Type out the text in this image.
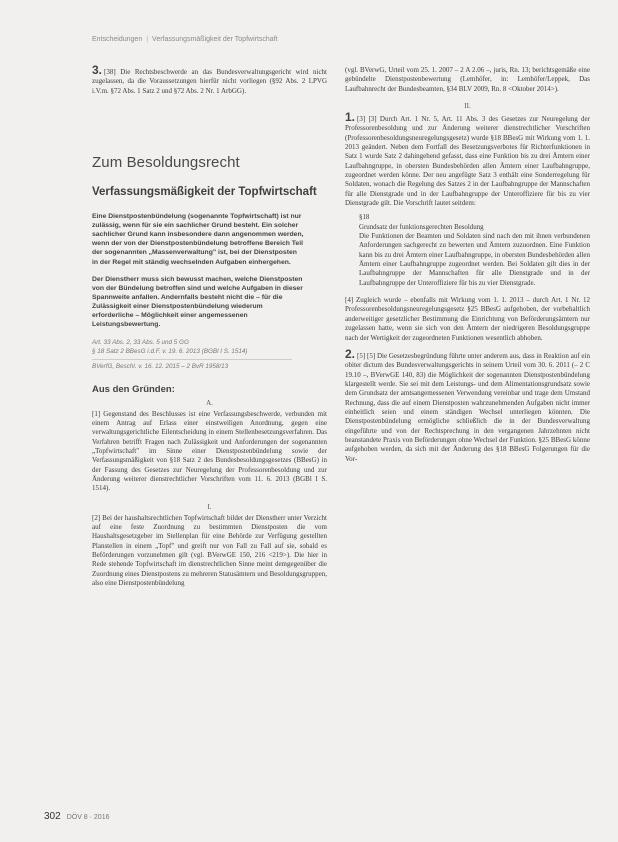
Entscheidungen | Verfassungsmäßigkeit der Topfwirtschaft

3. [38] Die Rechtsbeschwerde an das Bundesverwaltungsgericht wird nicht zugelassen, da die Voraussetzungen hierfür nicht vorliegen (§92 Abs. 2 LPVG i.V.m. §72 Abs. 1 Satz 2 und §72 Abs. 2 Nr. 1 ArbGG).

Zum Besoldungsrecht
Verfassungsmäßigkeit der Topfwirtschaft

Eine Dienstpostenbündelung (sogenannte Topfwirtschaft) ist nur zulässig, wenn für sie ein sachlicher Grund besteht. Ein solcher sachlicher Grund kann insbesondere dann angenommen werden, wenn der von der Dienstpostenbündelung betroffene Bereich Teil der sogenannten „Massenverwaltung" ist, bei der Dienstposten in der Regel mit ständig wechselnden Aufgaben einhergehen.

Der Dienstherr muss sich bewusst machen, welche Dienstposten von der Bündelung betroffen sind und welche Aufgaben in dieser Spannweite anfallen. Andernfalls besteht nicht die – für die Zulässigkeit einer Dienstpostenbündelung wiederum erforderliche – Möglichkeit einer angemessenen Leistungsbewertung.

Art. 33 Abs. 2, 33 Abs. 5 und 5 GG
§ 18 Satz 2 BBesG i.d.F. v. 19. 6. 2013 (BGBl I S. 1514)
BVerfG, Beschl. v. 16. 12. 2015 – 2 BvR 1958/13
Aus den Gründen:
A.

[1] Gegenstand des Beschlusses ist eine Verfassungsbeschwerde, verbunden mit einem Antrag auf Erlass einer einstweiligen Anordnung, gegen eine verwaltungsgerichtliche Eilentscheidung in einem Stellenbesetzungsverfahren. Das Verfahren betrifft Fragen nach Zulässigkeit und Anforderungen der sogenannten „Topfwirtschaft" im Sinne einer Dienstpostenbündelung sowie der Verfassungsmäßigkeit von §18 Satz 2 des Bundesbesoldungsgesetzes (BBesG) in der Fassung des Gesetzes zur Neuregelung der Professorenbesoldung und zur Änderung weiterer dienstrechtlicher Vorschriften vom 11. 6. 2013 (BGBl I S. 1514).

I.

[2] Bei der haushaltsrechtlichen Topfwirtschaft bildet der Dienstherr unter Verzicht auf eine feste Zuordnung zu bestimmten Dienstposten die vom Haushaltsgesetzgeber im Stellenplan für eine Behörde zur Verfügung gestellten Planstellen in einem „Topf" und greift nur von Fall zu Fall auf sie, sobald es Beförderungen vorzunehmen gilt (vgl. BVerwGE 150, 216 <219>). Die hier in Rede stehende Topfwirtschaft im dienstrechtlichen Sinne meint demgegenüber die Zuordnung eines Dienstpostens zu mehreren Statusämtern und Besoldungsgruppen, also eine Dienstpostenbündelung

(vgl. BVerwG, Urteil vom 25. 1. 2007 – 2 A 2.06 –, juris, Rn. 13; berichtsgemäße eine gebündelte Dienstpostenbewertung (Lemhöfer, in: Lemhöfer/Leppek, Das Laufbahnrecht der Bundesbeamten, §34 BLV 2009, Rn. 8 <Oktober 2014>).

II.

1. [3] [3] Durch Art. 1 Nr. 5, Art. 11 Abs. 3 des Gesetzes zur Neuregelung der Professorenbesoldung und zur Änderung weiterer dienstrechtlicher Vorschriften (Professorenbesoldungsneuregelungsgesetz) wurde §18 BBesG mit Wirkung vom 1. 1. 2013 geändert. Neben dem Fortfall des Besetzungsverbotes für Richterfunktionen in Satz 1 wurde Satz 2 dahingehend gefasst, dass eine Funktion bis zu drei Ämtern einer Laufbahngruppe, in obersten Bundesbehörden allen Ämtern einer Laufbahngruppe, zugeordnet werden könne. Der neu angefügte Satz 3 enthält eine Sonderregelung für Soldaten, wonach die Regelung des Satzes 2 in der Laufbahngruppe der Mannschaften für alle Dienstgrade und in der Laufbahngruppe der Unteroffiziere für bis zu vier Dienstgrade gilt. Die Vorschrift lautet seitdem:

§18
Grundsatz der funktionsgerechten Besoldung

Die Funktionen der Beamten und Soldaten sind nach den mit ihnen verbundenen Anforderungen sachgerecht zu bewerten und Ämtern zuzuordnen. Eine Funktion kann bis zu drei Ämtern einer Laufbahngruppe, in obersten Bundesbehörden allen Ämtern einer Laufbahngruppe zugeordnet werden. Bei Soldaten gilt dies in der Laufbahngruppe der Mannschaften für alle Dienstgrade und in der Laufbahngruppe der Unteroffiziere für bis zu vier Dienstgrade.

[4] Zugleich wurde – ebenfalls mit Wirkung vom 1. 1. 2013 – durch Art. 1 Nr. 12 Professorenbesoldungsneuregelungsgesetz §25 BBesG aufgehoben, der vorbehaltlich anderweitiger gesetzlicher Bestimmung die Einrichtung von Beförderungsämtern nur zugelassen hatte, wenn sie sich von den Ämtern der niedrigeren Besoldungsgruppe nach der Wertigkeit der zugeordneten Funktionen wesentlich abhoben.

2. [5] [5] Die Gesetzesbegründung führte unter anderem aus, dass in Reaktion auf ein obiter dictum des Bundesverwaltungsgerichts in seinem Urteil vom 30. 6. 2011 (– 2 C 19.10 –, BVerwGE 140, 83) die Möglichkeit der sogenannten Dienstpostenbündelung klargestellt werde. Sie sei mit dem Leistungs- und dem Alimentationsgrundsatz sowie dem Grundsatz der amtsangemessenen Verwendung vereinbar und trage dem Umstand Rechnung, dass die auf einem Dienstposten wahrzunehmenden Aufgaben nicht immer einheitlich seien und einem ständigen Wechsel unterliegen könnten. Die Dienstpostenbündelung ermögliche schließlich die in der Bundesverwaltung eingeführte und von der Rechtsprechung in den vergangenen Jahrzehnten nicht beanstandete Praxis von Beförderungen ohne Wechsel der Funktion. §25 BBesG könne aufgehoben werden, da sich mit der Änderung des §18 BBesG Folgerungen für die Vor-

302 DÖV 8 · 2016
